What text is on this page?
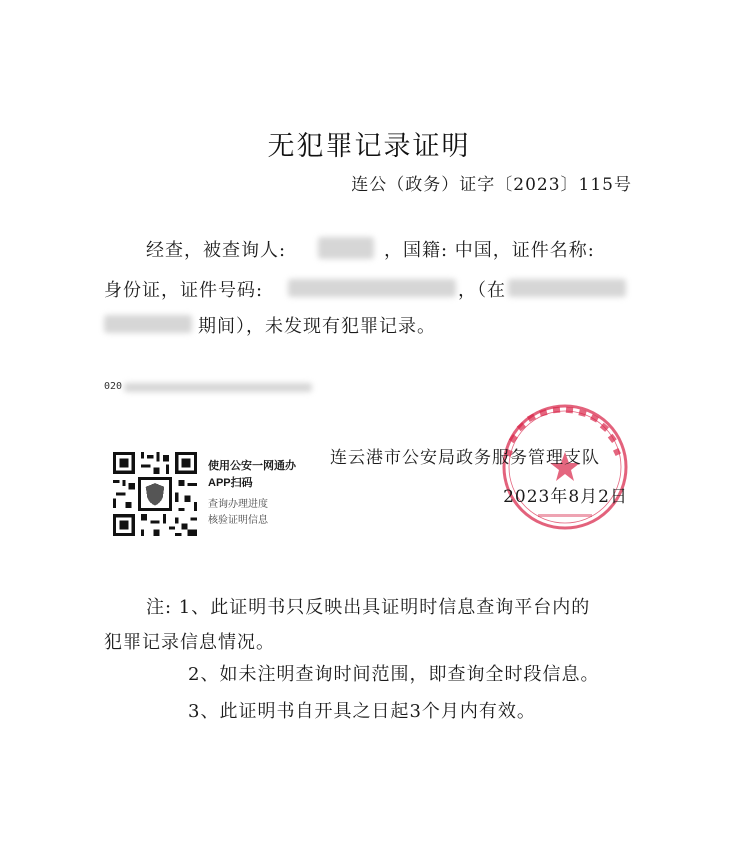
无犯罪记录证明
连公（政务）证字〔2023〕115号
经查，被查询人:	，国籍: 中国，证件名称:
身份证，证件号码:	，（在
期间），未发现有犯罪记录。
020
使用公安一网通办
APP扫码
查询办理进度
核验证明信息
连云港市公安局政务服务管理支队
2023年8月2日
注: 1、此证明书只反映出具证明时信息查询平台内的
犯罪记录信息情况。
2、如未注明查询时间范围，即查询全时段信息。
3、此证明书自开具之日起3个月内有效。
